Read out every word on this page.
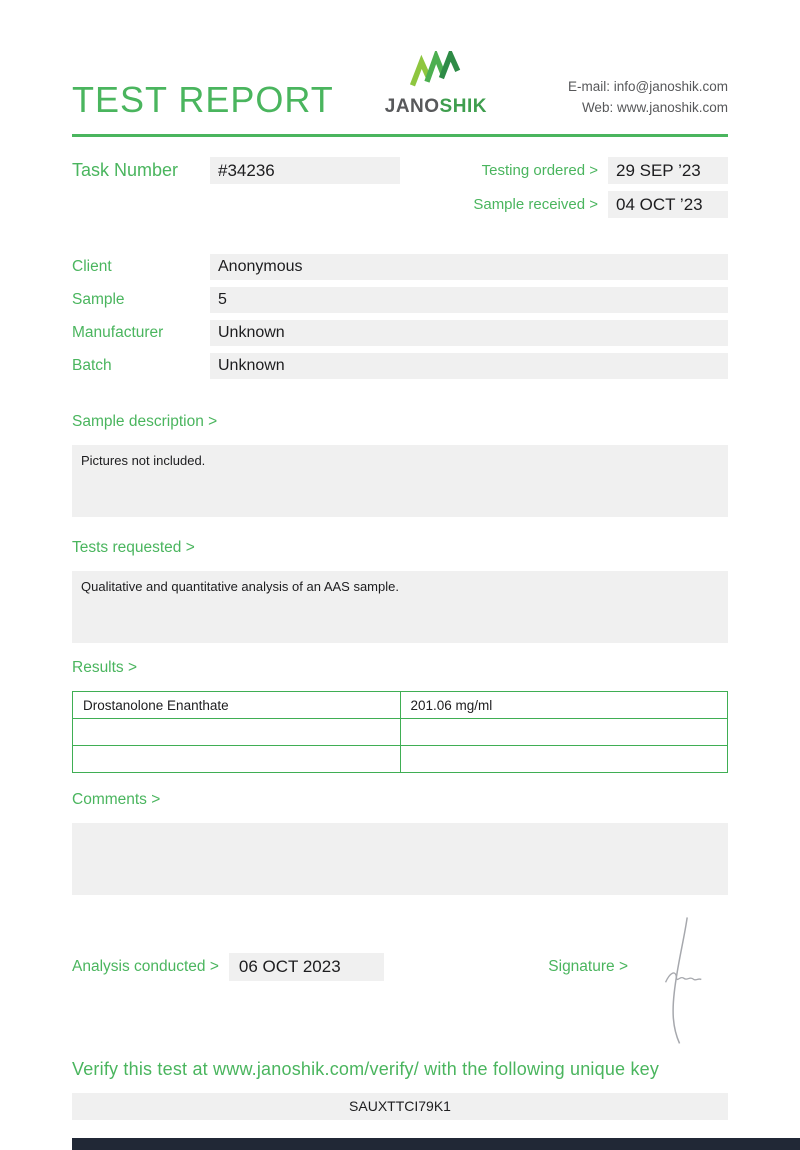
TEST REPORT	JANOSHIK
E-mail: info@janoshik.com
Web: www.janoshik.com
Task Number	#34236	Testing ordered >	29 SEP ’23
Sample received >	04 OCT ’23
Client	Anonymous
Sample	5
Manufacturer	Unknown
Batch	Unknown
Sample description >
Pictures not included.
Tests requested >
Qualitative and quantitative analysis of an AAS sample.
Results >
Drostanolone Enanthate	201.06 mg/ml

Comments >
Analysis conducted >	06 OCT 2023	Signature >
Verify this test at www.janoshik.com/verify/ with the following unique key
SAUXTTCI79K1
